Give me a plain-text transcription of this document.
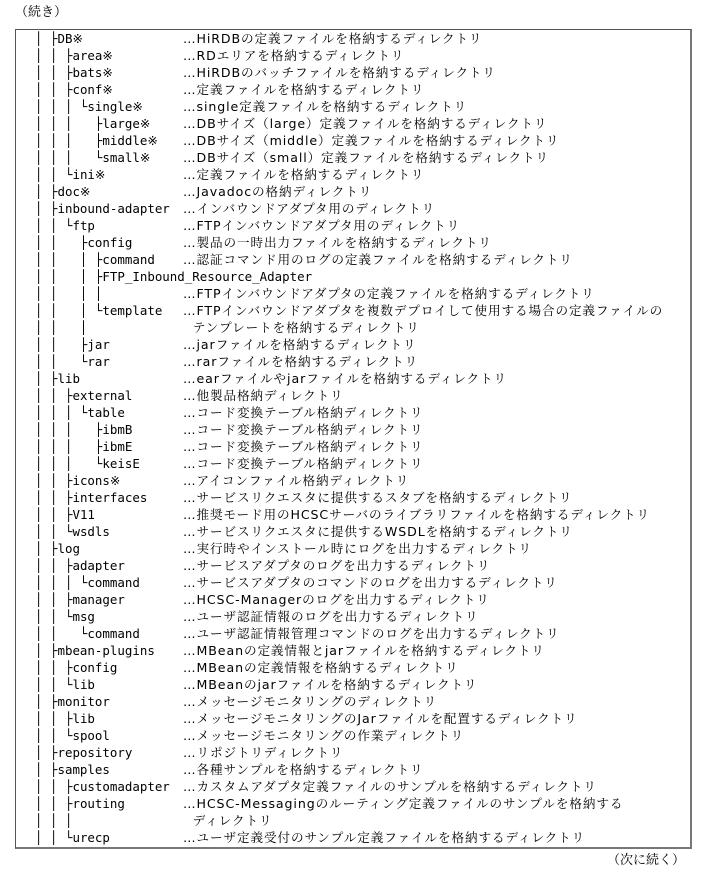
（続き）
│ ├DB※	…HiRDBの定義ファイルを格納するディレクトリ
│ │ ├area※	…RDエリアを格納するディレクトリ
│ │ ├bats※	…HiRDBのバッチファイルを格納するディレクトリ
│ │ ├conf※	…定義ファイルを格納するディレクトリ
│ │ │ └single※	…single定義ファイルを格納するディレクトリ
│ │ │   ├large※	…DBサイズ（large）定義ファイルを格納するディレクトリ
│ │ │   ├middle※ …DBサイズ（middle）定義ファイルを格納するディレクトリ
│ │ │   └small※	…DBサイズ（small）定義ファイルを格納するディレクトリ
│ │ └ini※	…定義ファイルを格納するディレクトリ
│ ├doc※	…Javadocの格納ディレクトリ
│ ├inbound-adapter …インバウンドアダプタ用のディレクトリ
│ │ └ftp	…FTPインバウンドアダプタ用のディレクトリ
│ │   ├config	…製品の一時出力ファイルを格納するディレクトリ
│ │   │ ├command …認証コマンド用のログの定義ファイルを格納するディレクトリ
│ │   │ ├FTP_Inbound_Resource_Adapter
│ │   │ │	…FTPインバウンドアダプタの定義ファイルを格納するディレクトリ
│ │   │ └template …FTPインバウンドアダプタを複数デプロイして使用する場合の定義ファイルの
│ │   │	テンプレートを格納するディレクトリ
│ │   ├jar	…jarファイルを格納するディレクトリ
│ │   └rar	…rarファイルを格納するディレクトリ
│ ├lib	…earファイルやjarファイルを格納するディレクトリ
│ │ ├external	…他製品格納ディレクトリ
│ │ │ └table	…コード変換テーブル格納ディレクトリ
│ │ │   ├ibmB	…コード変換テーブル格納ディレクトリ
│ │ │   ├ibmE	…コード変換テーブル格納ディレクトリ
│ │ │   └keisE	…コード変換テーブル格納ディレクトリ
│ │ ├icons※	…アイコンファイル格納ディレクトリ
│ │ ├interfaces	…サービスリクエスタに提供するスタブを格納するディレクトリ
│ │ ├V11	…推奨モード用のHCSCサーバのライブラリファイルを格納するディレクトリ
│ │ └wsdls	…サービスリクエスタに提供するWSDLを格納するディレクトリ
│ ├log	…実行時やインストール時にログを出力するディレクトリ
│ │ ├adapter	…サービスアダプタのログを出力するディレクトリ
│ │ │ └command	…サービスアダプタのコマンドのログを出力するディレクトリ
│ │ ├manager	…HCSC-Managerのログを出力するディレクトリ
│ │ └msg	…ユーザ認証情報のログを出力するディレクトリ
│ │   └command	…ユーザ認証情報管理コマンドのログを出力するディレクトリ
│ ├mbean-plugins …MBeanの定義情報とjarファイルを格納するディレクトリ
│ │ ├config	…MBeanの定義情報を格納するディレクトリ
│ │ └lib	…MBeanのjarファイルを格納するディレクトリ
│ ├monitor	…メッセージモニタリングのディレクトリ
│ │ ├lib	…メッセージモニタリングのJarファイルを配置するディレクトリ
│ │ └spool	…メッセージモニタリングの作業ディレクトリ
│ ├repository	…リポジトリディレクトリ
│ ├samples	…各種サンプルを格納するディレクトリ
│ │ ├customadapter …カスタムアダプタ定義ファイルのサンプルを格納するディレクトリ
│ │ ├routing	…HCSC-Messagingのルーティング定義ファイルのサンプルを格納する
│ │ │	ディレクトリ
│ │ └urecp	…ユーザ定義受付のサンプル定義ファイルを格納するディレクトリ
（次に続く）
